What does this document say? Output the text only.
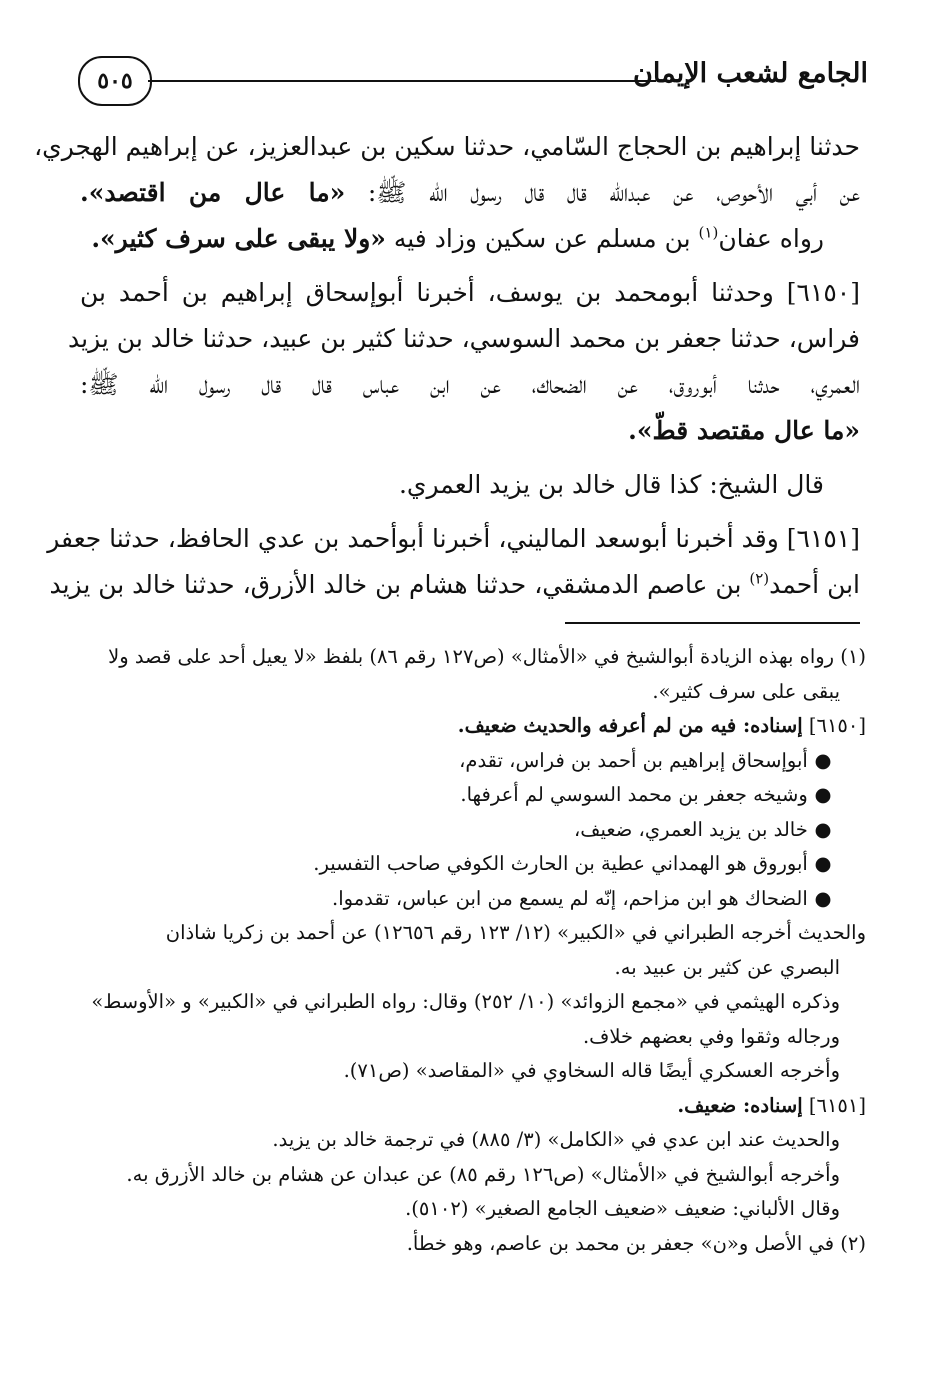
الجامع لشعب الإيمان
٥٠٥
حدثنا إبراهيم بن الحجاج السّامي، حدثنا سكين بن عبدالعزيز، عن إبراهيم الهجري،
عن أبي الأحوص، عن عبدالله قال قال رسول الله ﷺ: «ما عال من اقتصد».
رواه عفان$^{(١)}$ بن مسلم عن سكين وزاد فيه «ولا يبقى على سرف كثير».
[٦١٥٠] وحدثنا أبومحمد بن يوسف، أخبرنا أبوإسحاق إبراهيم بن أحمد بن
فراس، حدثنا جعفر بن محمد السوسي، حدثنا كثير بن عبيد، حدثنا خالد بن يزيد
العمري، حدثنا أبوروق، عن الضحاك، عن ابن عباس قال قال رسول الله ﷺ:
«ما عال مقتصد قطّ».
قال الشيخ: كذا قال خالد بن يزيد العمري.
[٦١٥١] وقد أخبرنا أبوسعد الماليني، أخبرنا أبوأحمد بن عدي الحافظ، حدثنا جعفر
ابن أحمد$^{(٢)}$ بن عاصم الدمشقي، حدثنا هشام بن خالد الأزرق، حدثنا خالد بن يزيد
(١) رواه بهذه الزيادة أبوالشيخ في «الأمثال» (ص١٢٧ رقم ٨٦) بلفظ «لا يعيل أحد على قصد ولا
يبقى على سرف كثير».
[٦١٥٠] إسناده: فيه من لم أعرفه والحديث ضعيف.
● أبوإسحاق إبراهيم بن أحمد بن فراس، تقدم،
● وشيخه جعفر بن محمد السوسي لم أعرفها.
● خالد بن يزيد العمري، ضعيف،
● أبوروق هو الهمداني عطية بن الحارث الكوفي صاحب التفسير.
● الضحاك هو ابن مزاحم، إنّه لم يسمع من ابن عباس، تقدموا.
والحديث أخرجه الطبراني في «الكبير» (١٢/ ١٢٣ رقم ١٢٦٥٦) عن أحمد بن زكريا شاذان
البصري عن كثير بن عبيد به.
وذكره الهيثمي في «مجمع الزوائد» (١٠/ ٢٥٢) وقال: رواه الطبراني في «الكبير» و «الأوسط»
ورجاله وثقوا وفي بعضهم خلاف.
وأخرجه العسكري أيضًا قاله السخاوي في «المقاصد» (ص٧١).
[٦١٥١] إسناده: ضعيف.
والحديث عند ابن عدي في «الكامل» (٣/ ٨٨٥) في ترجمة خالد بن يزيد.
وأخرجه أبوالشيخ في «الأمثال» (ص١٢٦ رقم ٨٥) عن عبدان عن هشام بن خالد الأزرق به.
وقال الألباني: ضعيف «ضعيف الجامع الصغير» (٥١٠٢).
(٢) في الأصل و«ن» جعفر بن محمد بن عاصم، وهو خطأ.
